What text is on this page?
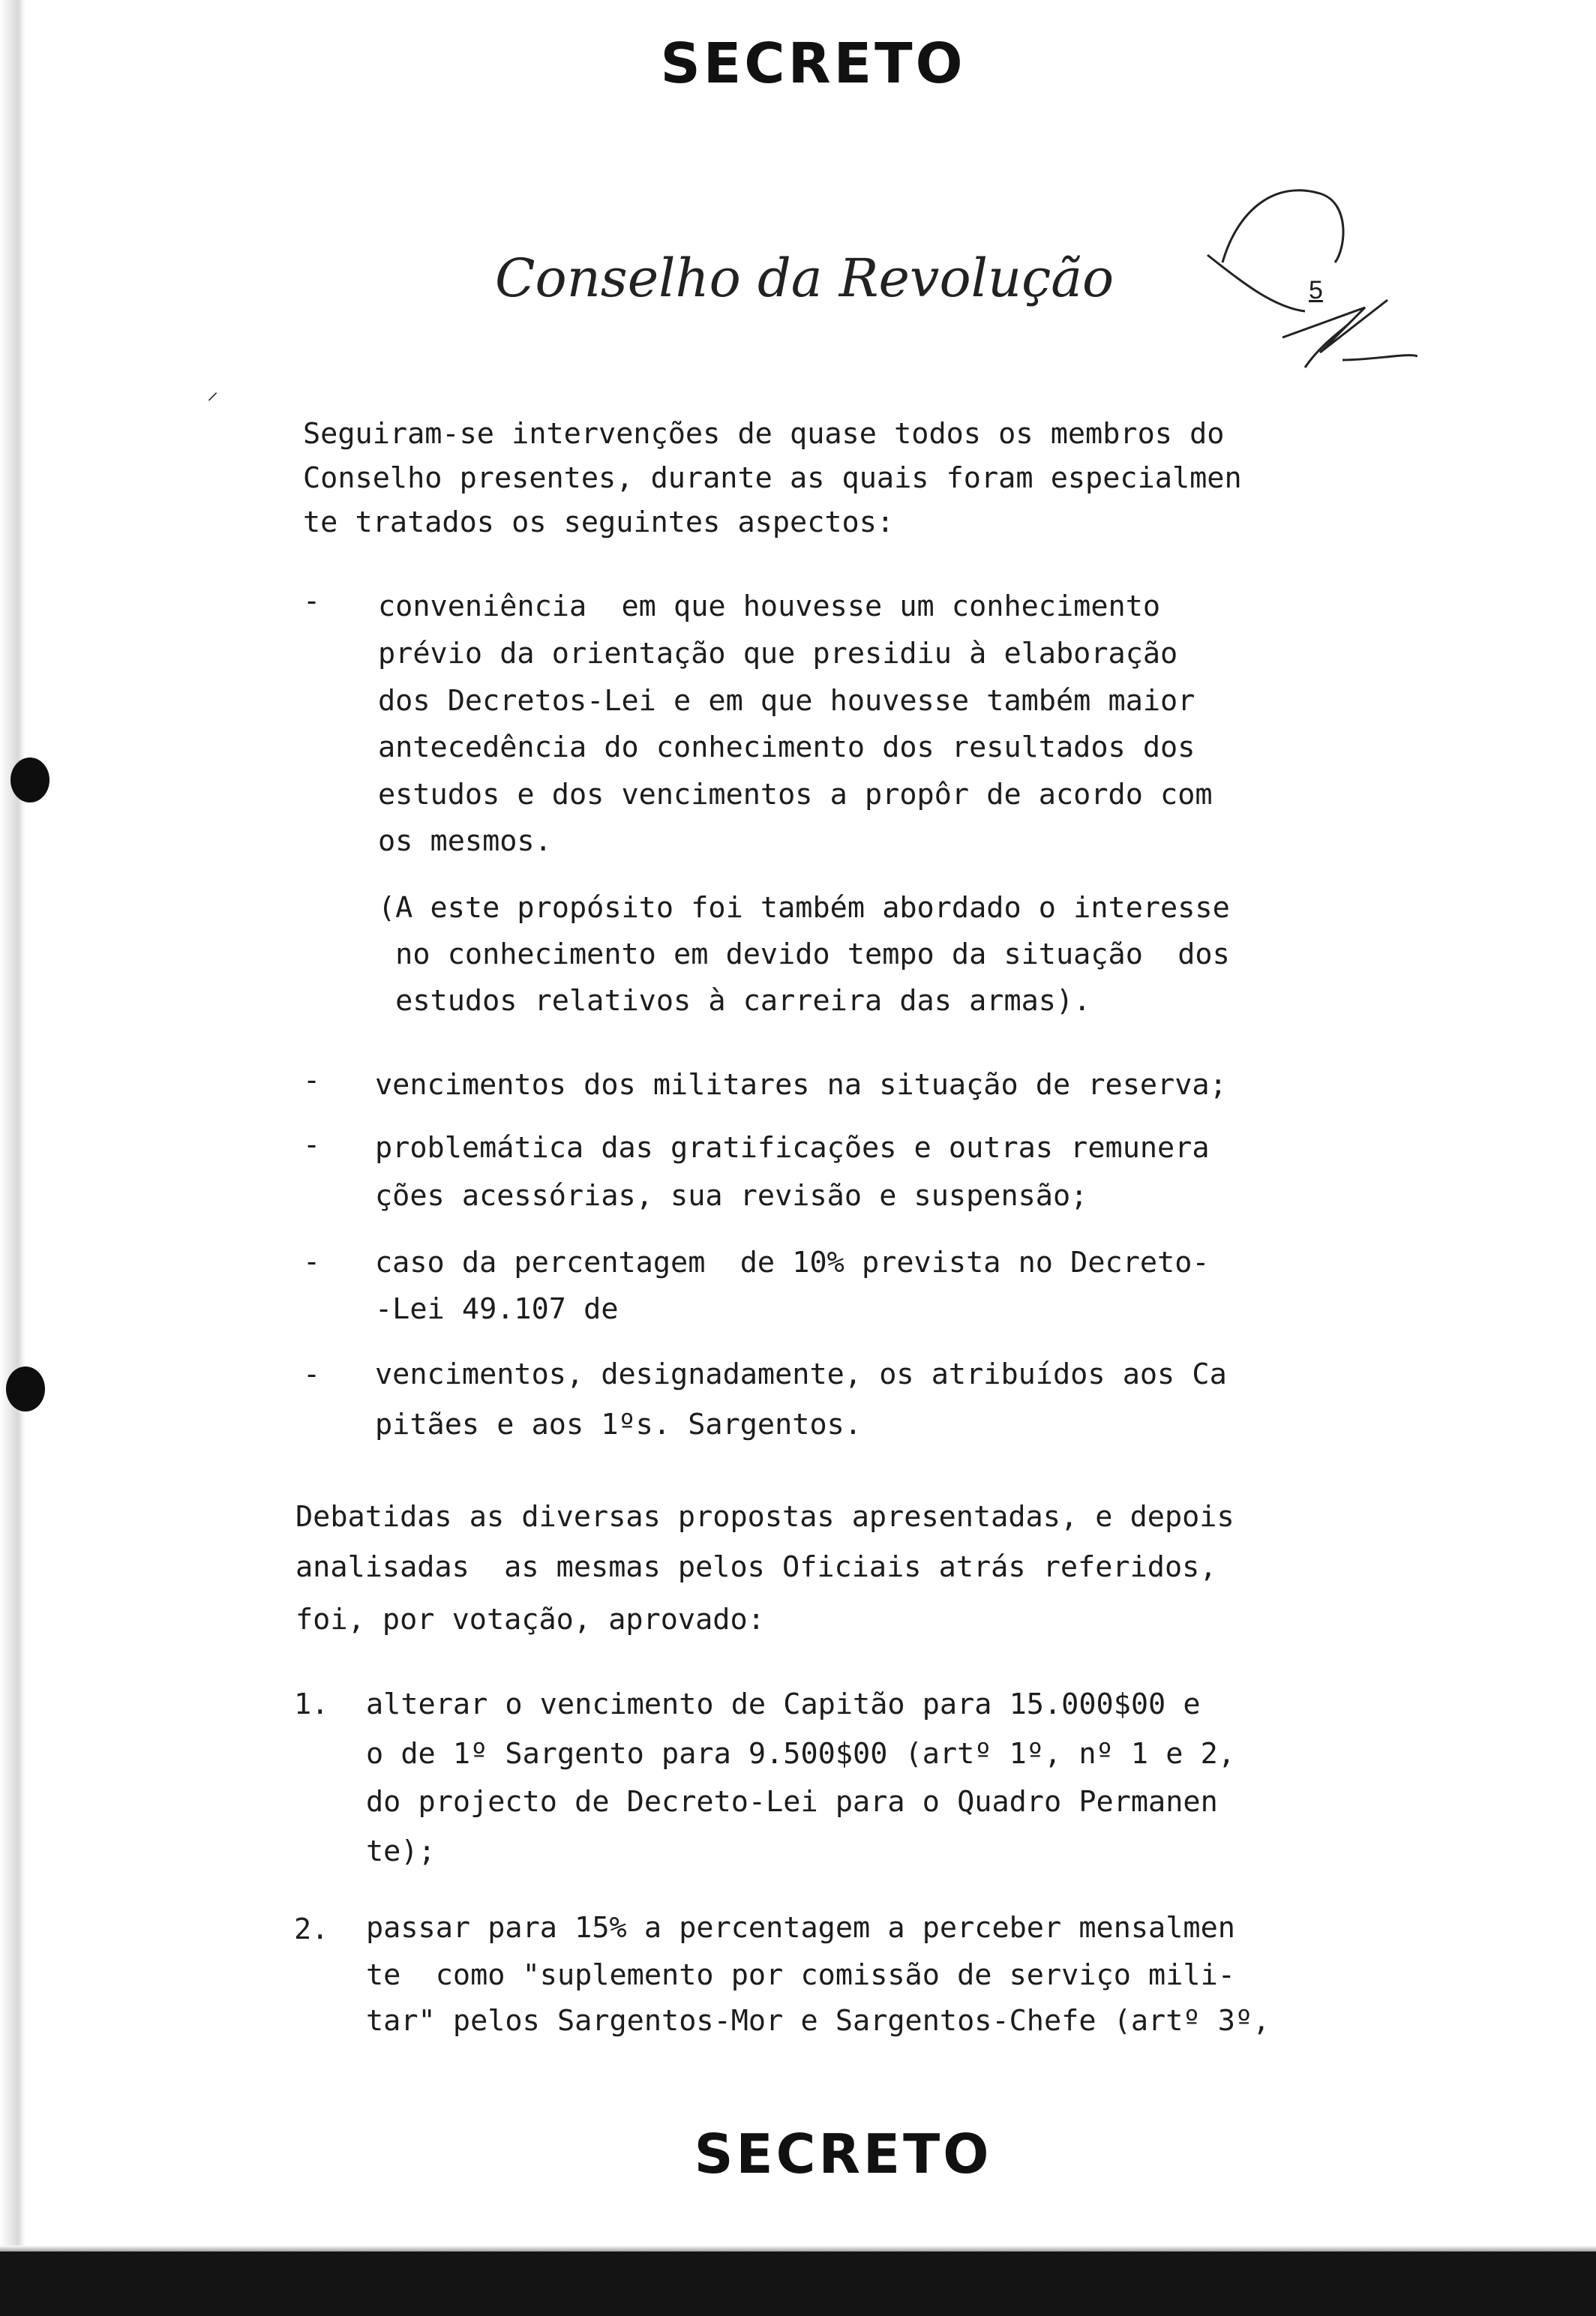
⸝
SECRETO
Conselho da Revolução	5
Seguiram-se intervenções de quase todos os membros do
Conselho presentes, durante as quais foram especialmen
te tratados os seguintes aspectos:
- conveniência  em que houvesse um conhecimento
prévio da orientação que presidiu à elaboração
dos Decretos-Lei e em que houvesse também maior
antecedência do conhecimento dos resultados dos
estudos e dos vencimentos a propôr de acordo com
os mesmos.
(A este propósito foi também abordado o interesse
no conhecimento em devido tempo da situação  dos
estudos relativos à carreira das armas).
- vencimentos dos militares na situação de reserva;
- problemática das gratificações e outras remunera
ções acessórias, sua revisão e suspensão;
- caso da percentagem  de 10% prevista no Decreto-
-Lei 49.107 de
- vencimentos, designadamente, os atribuídos aos Ca
pitães e aos 1ºs. Sargentos.
Debatidas as diversas propostas apresentadas, e depois
analisadas  as mesmas pelos Oficiais atrás referidos,
foi, por votação, aprovado:
1. alterar o vencimento de Capitão para 15.000$00 e
o de 1º Sargento para 9.500$00 (artº 1º, nº 1 e 2,
do projecto de Decreto-Lei para o Quadro Permanen
te);
2. passar para 15% a percentagem a perceber mensalmen
te  como "suplemento por comissão de serviço mili-
tar" pelos Sargentos-Mor e Sargentos-Chefe (artº 3º,
SECRETO
